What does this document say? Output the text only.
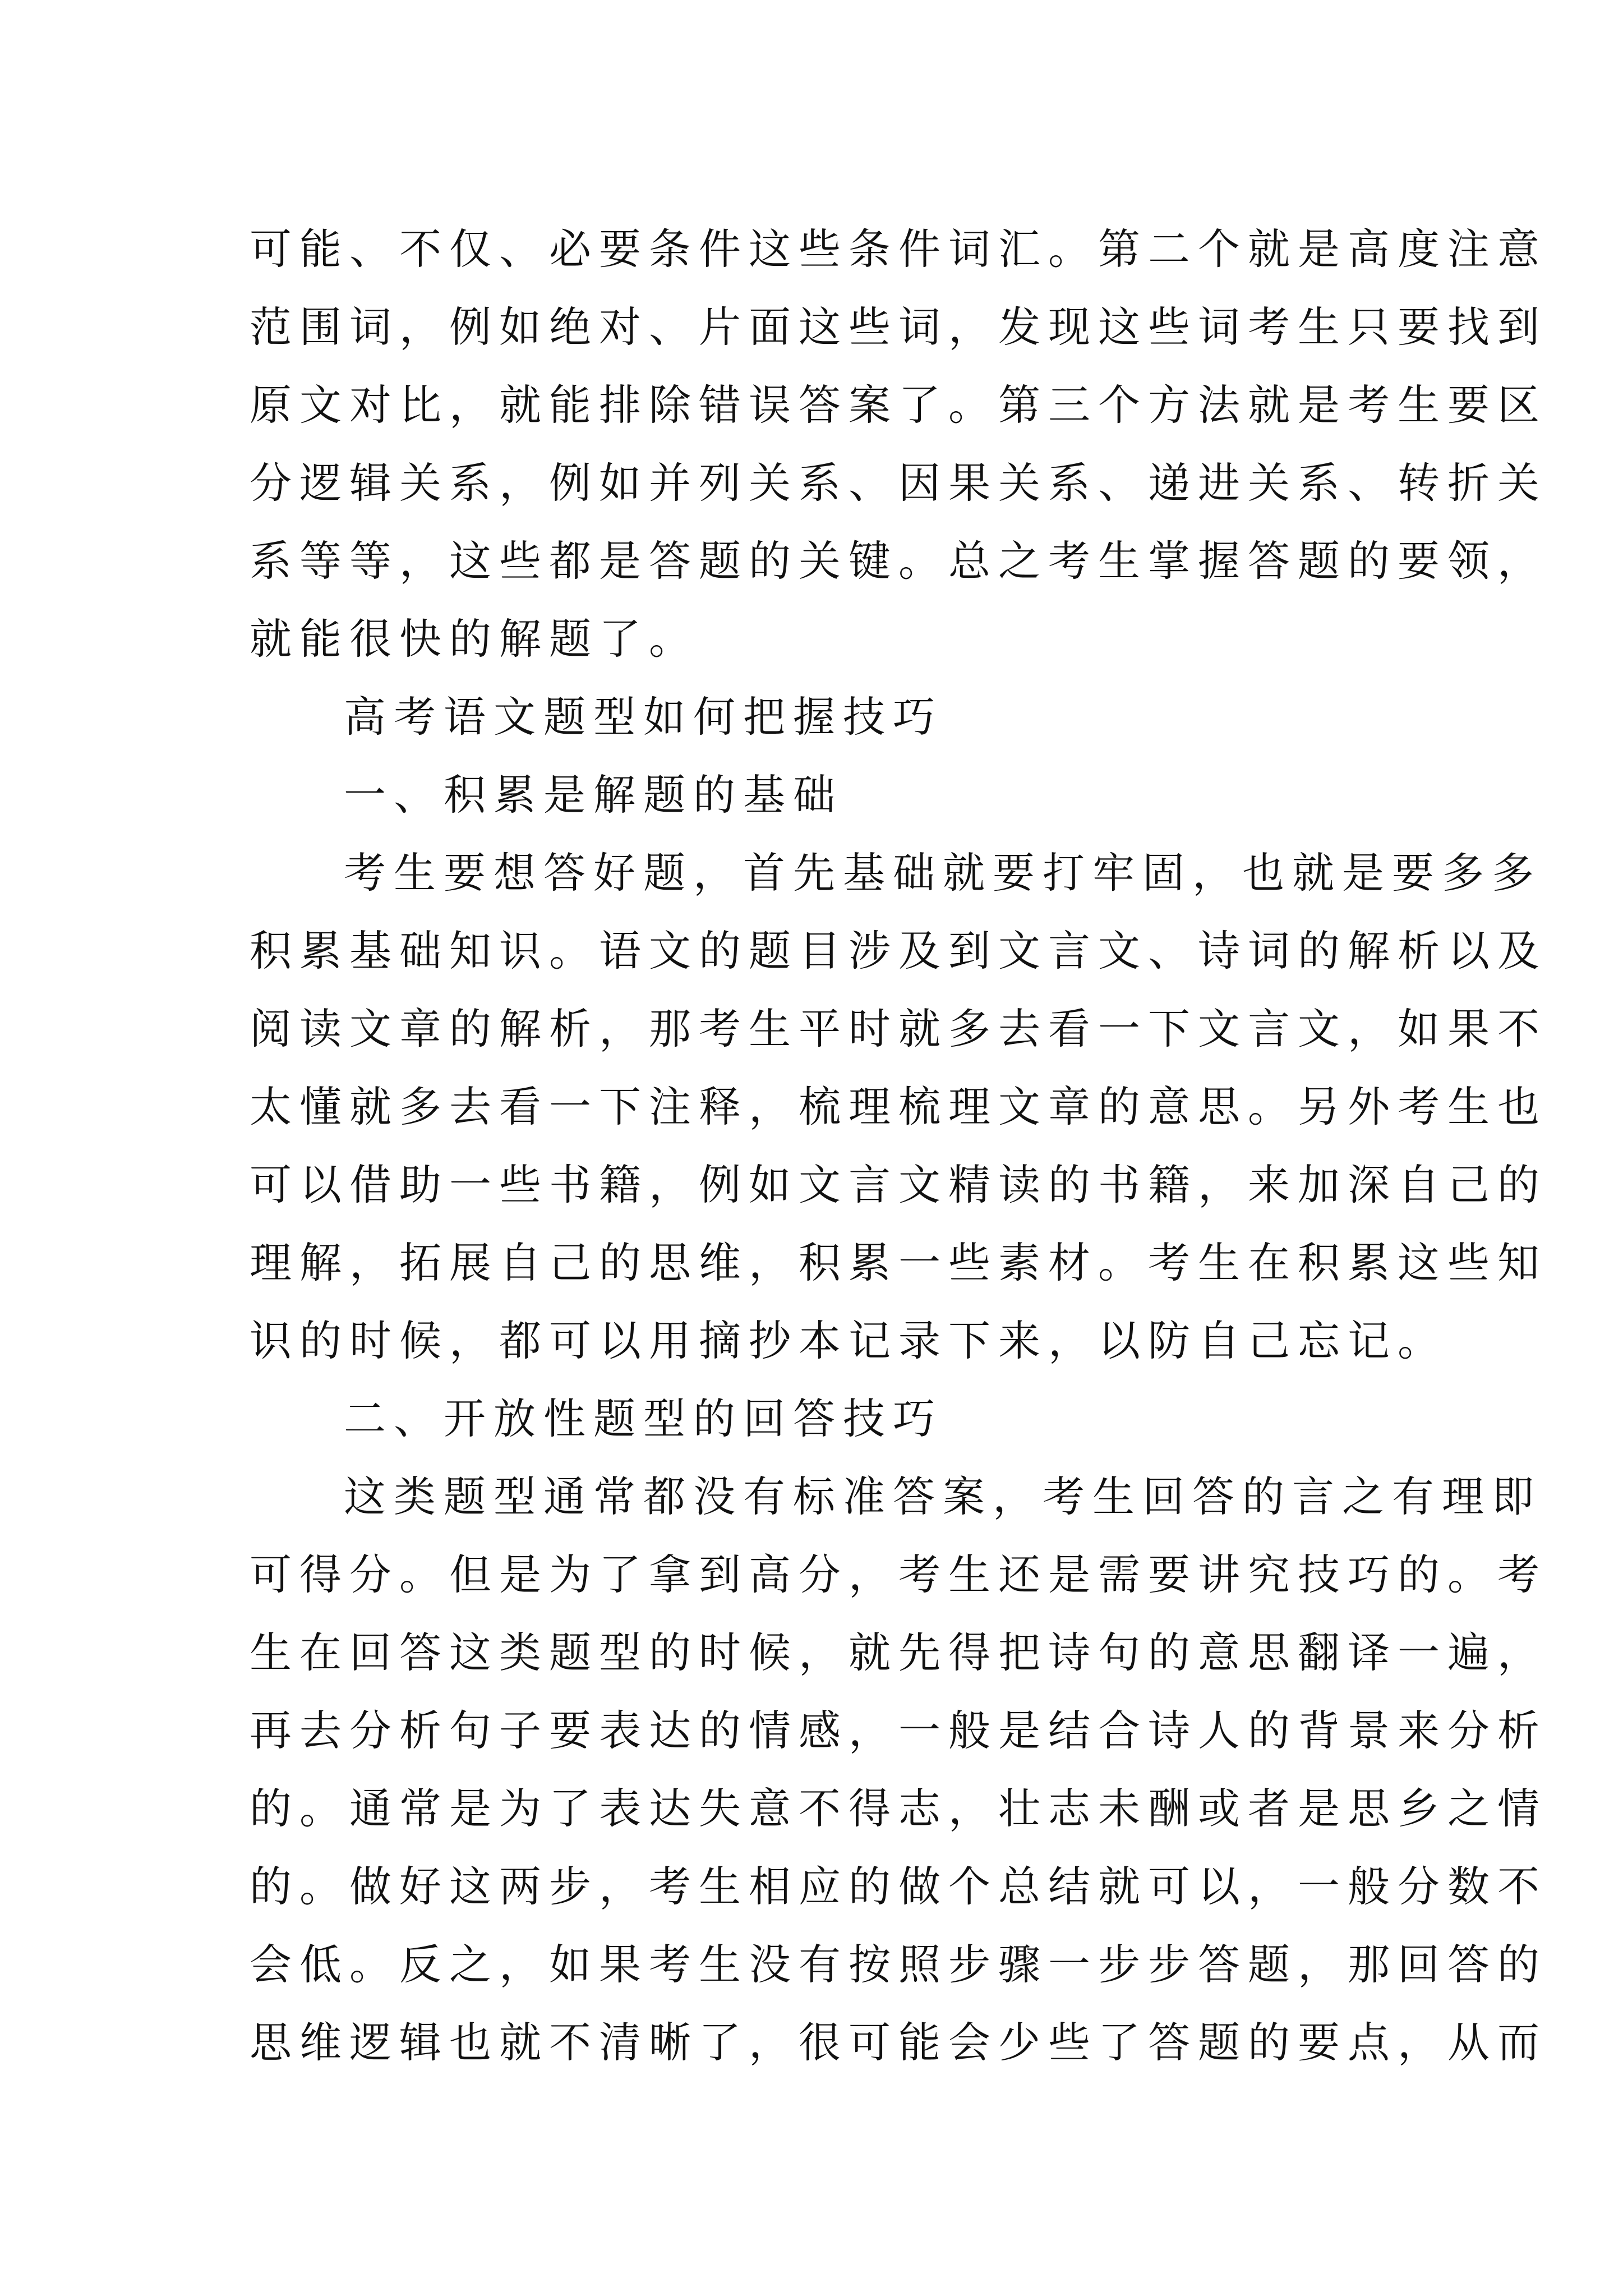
可能、不仅、必要条件这些条件词汇。第二个就是高度注意
范围词，例如绝对、片面这些词，发现这些词考生只要找到
原文对比，就能排除错误答案了。第三个方法就是考生要区
分逻辑关系，例如并列关系、因果关系、递进关系、转折关
系等等，这些都是答题的关键。总之考生掌握答题的要领，
就能很快的解题了。
高考语文题型如何把握技巧
一、积累是解题的基础
考生要想答好题，首先基础就要打牢固，也就是要多多
积累基础知识。语文的题目涉及到文言文、诗词的解析以及
阅读文章的解析，那考生平时就多去看一下文言文，如果不
太懂就多去看一下注释，梳理梳理文章的意思。另外考生也
可以借助一些书籍，例如文言文精读的书籍，来加深自己的
理解，拓展自己的思维，积累一些素材。考生在积累这些知
识的时候，都可以用摘抄本记录下来，以防自己忘记。
二、开放性题型的回答技巧
这类题型通常都没有标准答案，考生回答的言之有理即
可得分。但是为了拿到高分，考生还是需要讲究技巧的。考
生在回答这类题型的时候，就先得把诗句的意思翻译一遍，
再去分析句子要表达的情感，一般是结合诗人的背景来分析
的。通常是为了表达失意不得志，壮志未酬或者是思乡之情
的。做好这两步，考生相应的做个总结就可以，一般分数不
会低。反之，如果考生没有按照步骤一步步答题，那回答的
思维逻辑也就不清晰了，很可能会少些了答题的要点，从而
